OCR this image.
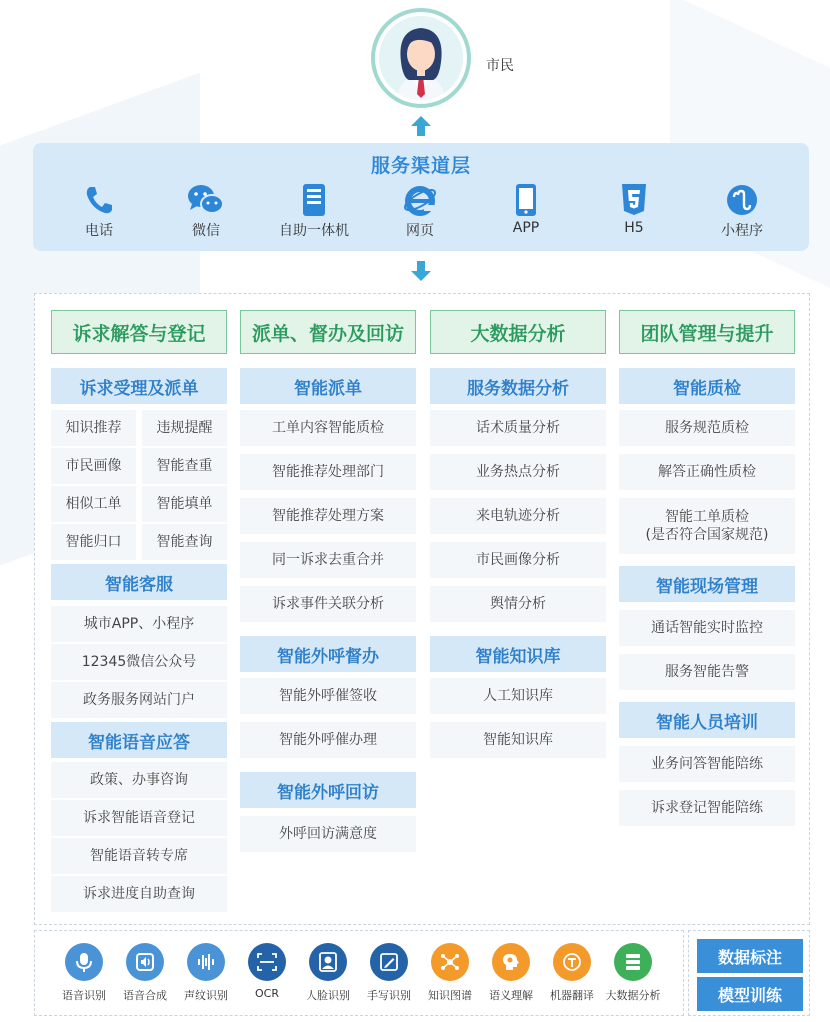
市民
服务渠道层
电话	微信	自助一体机	网页	APP	H5	小程序
诉求解答与登记
诉求受理及派单
知识推荐	违规提醒
市民画像	智能查重
相似工单	智能填单
智能归口	智能查询
智能客服
城市APP、小程序
12345微信公众号
政务服务网站门户
智能语音应答
政策、办事咨询
诉求智能语音登记
智能语音转专席
诉求进度自助查询
派单、督办及回访
智能派单
工单内容智能质检
智能推荐处理部门
智能推荐处理方案
同一诉求去重合并
诉求事件关联分析
智能外呼督办
智能外呼催签收
智能外呼催办理
智能外呼回访
外呼回访满意度
大数据分析
服务数据分析
话术质量分析
业务热点分析
来电轨迹分析
市民画像分析
舆情分析
智能知识库
人工知识库
智能知识库
团队管理与提升
智能质检
服务规范质检
解答正确性质检
智能工单质检
(是否符合国家规范)
智能现场管理
通话智能实时监控
服务智能告警
智能人员培训
业务问答智能陪练
诉求登记智能陪练
语音识别	语音合成	声纹识别	OCR	人脸识别	手写识别	知识图谱	语义理解	机器翻译	大数据分析
数据标注
模型训练
